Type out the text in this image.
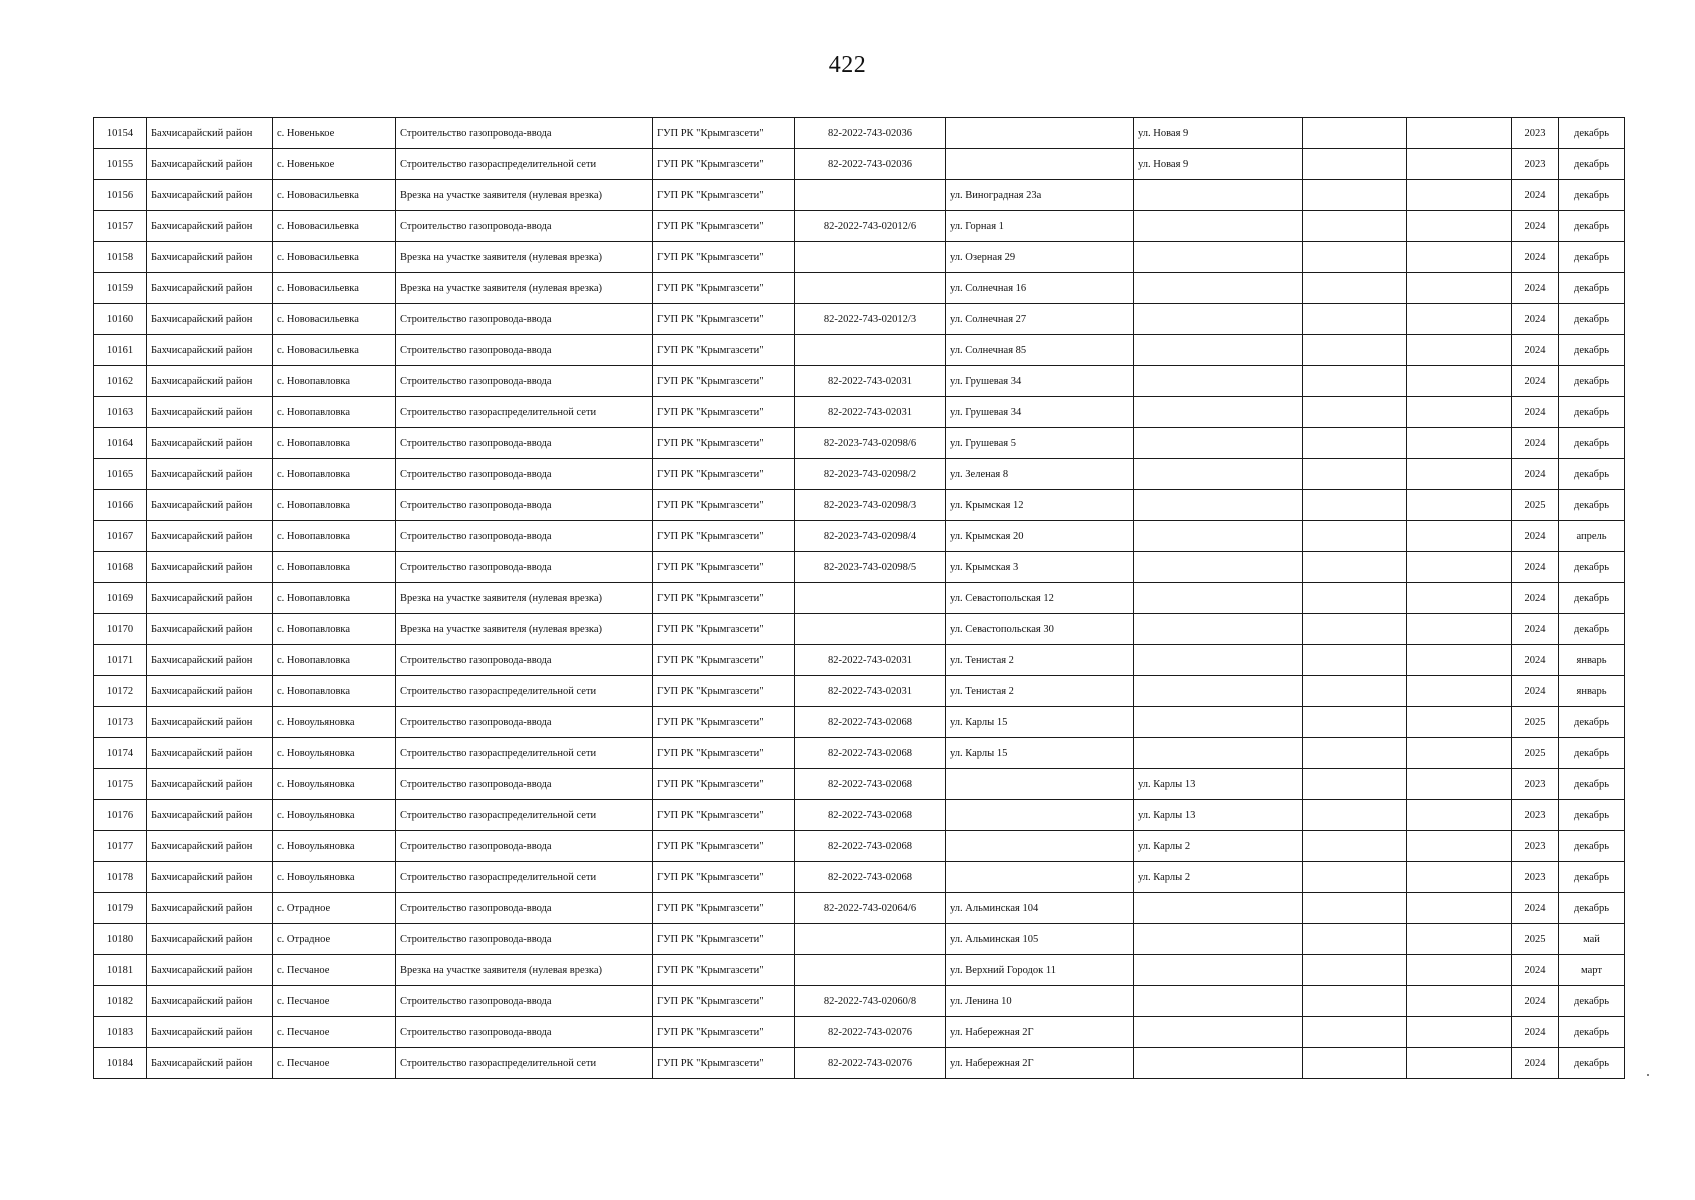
422
10154	Бахчисарайский район	с. Новенькое	Строительство газопровода-ввода	ГУП РК "Крымгазсети"	82-2022-743-02036		ул. Новая 9			2023	декабрь
10155	Бахчисарайский район	с. Новенькое	Строительство газораспределительной сети	ГУП РК "Крымгазсети"	82-2022-743-02036		ул. Новая 9			2023	декабрь
10156	Бахчисарайский район	с. Нововасильевка	Врезка на участке заявителя (нулевая врезка)	ГУП РК "Крымгазсети"		ул. Виноградная 23а				2024	декабрь
10157	Бахчисарайский район	с. Нововасильевка	Строительство газопровода-ввода	ГУП РК "Крымгазсети"	82-2022-743-02012/6	ул. Горная 1				2024	декабрь
10158	Бахчисарайский район	с. Нововасильевка	Врезка на участке заявителя (нулевая врезка)	ГУП РК "Крымгазсети"		ул. Озерная 29				2024	декабрь
10159	Бахчисарайский район	с. Нововасильевка	Врезка на участке заявителя (нулевая врезка)	ГУП РК "Крымгазсети"		ул. Солнечная 16				2024	декабрь
10160	Бахчисарайский район	с. Нововасильевка	Строительство газопровода-ввода	ГУП РК "Крымгазсети"	82-2022-743-02012/3	ул. Солнечная 27				2024	декабрь
10161	Бахчисарайский район	с. Нововасильевка	Строительство газопровода-ввода	ГУП РК "Крымгазсети"		ул. Солнечная 85				2024	декабрь
10162	Бахчисарайский район	с. Новопавловка	Строительство газопровода-ввода	ГУП РК "Крымгазсети"	82-2022-743-02031	ул. Грушевая 34				2024	декабрь
10163	Бахчисарайский район	с. Новопавловка	Строительство газораспределительной сети	ГУП РК "Крымгазсети"	82-2022-743-02031	ул. Грушевая 34				2024	декабрь
10164	Бахчисарайский район	с. Новопавловка	Строительство газопровода-ввода	ГУП РК "Крымгазсети"	82-2023-743-02098/6	ул. Грушевая 5				2024	декабрь
10165	Бахчисарайский район	с. Новопавловка	Строительство газопровода-ввода	ГУП РК "Крымгазсети"	82-2023-743-02098/2	ул. Зеленая 8				2024	декабрь
10166	Бахчисарайский район	с. Новопавловка	Строительство газопровода-ввода	ГУП РК "Крымгазсети"	82-2023-743-02098/3	ул. Крымская 12				2025	декабрь
10167	Бахчисарайский район	с. Новопавловка	Строительство газопровода-ввода	ГУП РК "Крымгазсети"	82-2023-743-02098/4	ул. Крымская 20				2024	апрель
10168	Бахчисарайский район	с. Новопавловка	Строительство газопровода-ввода	ГУП РК "Крымгазсети"	82-2023-743-02098/5	ул. Крымская 3				2024	декабрь
10169	Бахчисарайский район	с. Новопавловка	Врезка на участке заявителя (нулевая врезка)	ГУП РК "Крымгазсети"		ул. Севастопольская 12				2024	декабрь
10170	Бахчисарайский район	с. Новопавловка	Врезка на участке заявителя (нулевая врезка)	ГУП РК "Крымгазсети"		ул. Севастопольская 30				2024	декабрь
10171	Бахчисарайский район	с. Новопавловка	Строительство газопровода-ввода	ГУП РК "Крымгазсети"	82-2022-743-02031	ул. Тенистая 2				2024	январь
10172	Бахчисарайский район	с. Новопавловка	Строительство газораспределительной сети	ГУП РК "Крымгазсети"	82-2022-743-02031	ул. Тенистая 2				2024	январь
10173	Бахчисарайский район	с. Новоульяновка	Строительство газопровода-ввода	ГУП РК "Крымгазсети"	82-2022-743-02068	ул. Карлы 15				2025	декабрь
10174	Бахчисарайский район	с. Новоульяновка	Строительство газораспределительной сети	ГУП РК "Крымгазсети"	82-2022-743-02068	ул. Карлы 15				2025	декабрь
10175	Бахчисарайский район	с. Новоульяновка	Строительство газопровода-ввода	ГУП РК "Крымгазсети"	82-2022-743-02068		ул. Карлы 13			2023	декабрь
10176	Бахчисарайский район	с. Новоульяновка	Строительство газораспределительной сети	ГУП РК "Крымгазсети"	82-2022-743-02068		ул. Карлы 13			2023	декабрь
10177	Бахчисарайский район	с. Новоульяновка	Строительство газопровода-ввода	ГУП РК "Крымгазсети"	82-2022-743-02068		ул. Карлы 2			2023	декабрь
10178	Бахчисарайский район	с. Новоульяновка	Строительство газораспределительной сети	ГУП РК "Крымгазсети"	82-2022-743-02068		ул. Карлы 2			2023	декабрь
10179	Бахчисарайский район	с. Отрадное	Строительство газопровода-ввода	ГУП РК "Крымгазсети"	82-2022-743-02064/6	ул. Альминская 104				2024	декабрь
10180	Бахчисарайский район	с. Отрадное	Строительство газопровода-ввода	ГУП РК "Крымгазсети"		ул. Альминская 105				2025	май
10181	Бахчисарайский район	с. Песчаное	Врезка на участке заявителя (нулевая врезка)	ГУП РК "Крымгазсети"		ул. Верхний Городок 11				2024	март
10182	Бахчисарайский район	с. Песчаное	Строительство газопровода-ввода	ГУП РК "Крымгазсети"	82-2022-743-02060/8	ул. Ленина 10				2024	декабрь
10183	Бахчисарайский район	с. Песчаное	Строительство газопровода-ввода	ГУП РК "Крымгазсети"	82-2022-743-02076	ул. Набережная 2Г				2024	декабрь
10184	Бахчисарайский район	с. Песчаное	Строительство газораспределительной сети	ГУП РК "Крымгазсети"	82-2022-743-02076	ул. Набережная 2Г				2024	декабрь
